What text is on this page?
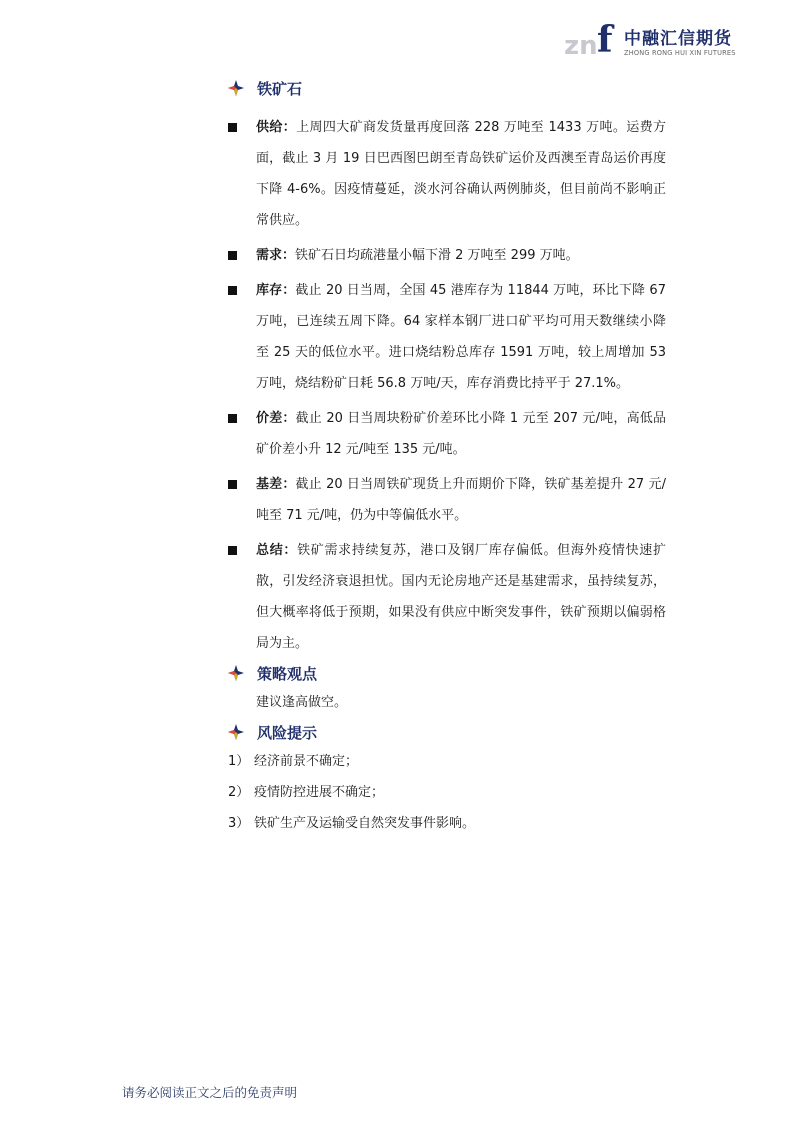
zn f 中融汇信期货
ZHONG RONG HUI XIN FUTURES
铁矿石
供给：上周四大矿商发货量再度回落 228 万吨至 1433 万吨。运费方面，截止 3 月 19 日巴西图巴朗至青岛铁矿运价及西澳至青岛运价再度下降 4-6%。因疫情蔓延，淡水河谷确认两例肺炎，但目前尚不影响正常供应。
需求：铁矿石日均疏港量小幅下滑 2 万吨至 299 万吨。
库存：截止 20 日当周，全国 45 港库存为 11844 万吨，环比下降 67 万吨，已连续五周下降。64 家样本钢厂进口矿平均可用天数继续小降至 25 天的低位水平。进口烧结粉总库存 1591 万吨，较上周增加 53 万吨，烧结粉矿日耗 56.8 万吨/天，库存消费比持平于 27.1%。
价差：截止 20 日当周块粉矿价差环比小降 1 元至 207 元/吨，高低品矿价差小升 12 元/吨至 135 元/吨。
基差：截止 20 日当周铁矿现货上升而期价下降，铁矿基差提升 27 元/吨至 71 元/吨，仍为中等偏低水平。
总结：铁矿需求持续复苏，港口及钢厂库存偏低。但海外疫情快速扩散，引发经济衰退担忧。国内无论房地产还是基建需求，虽持续复苏，但大概率将低于预期，如果没有供应中断突发事件，铁矿预期以偏弱格局为主。
策略观点
建议逢高做空。
风险提示
1） 经济前景不确定；
2） 疫情防控进展不确定；
3） 铁矿生产及运输受自然突发事件影响。
请务必阅读正文之后的免责声明
